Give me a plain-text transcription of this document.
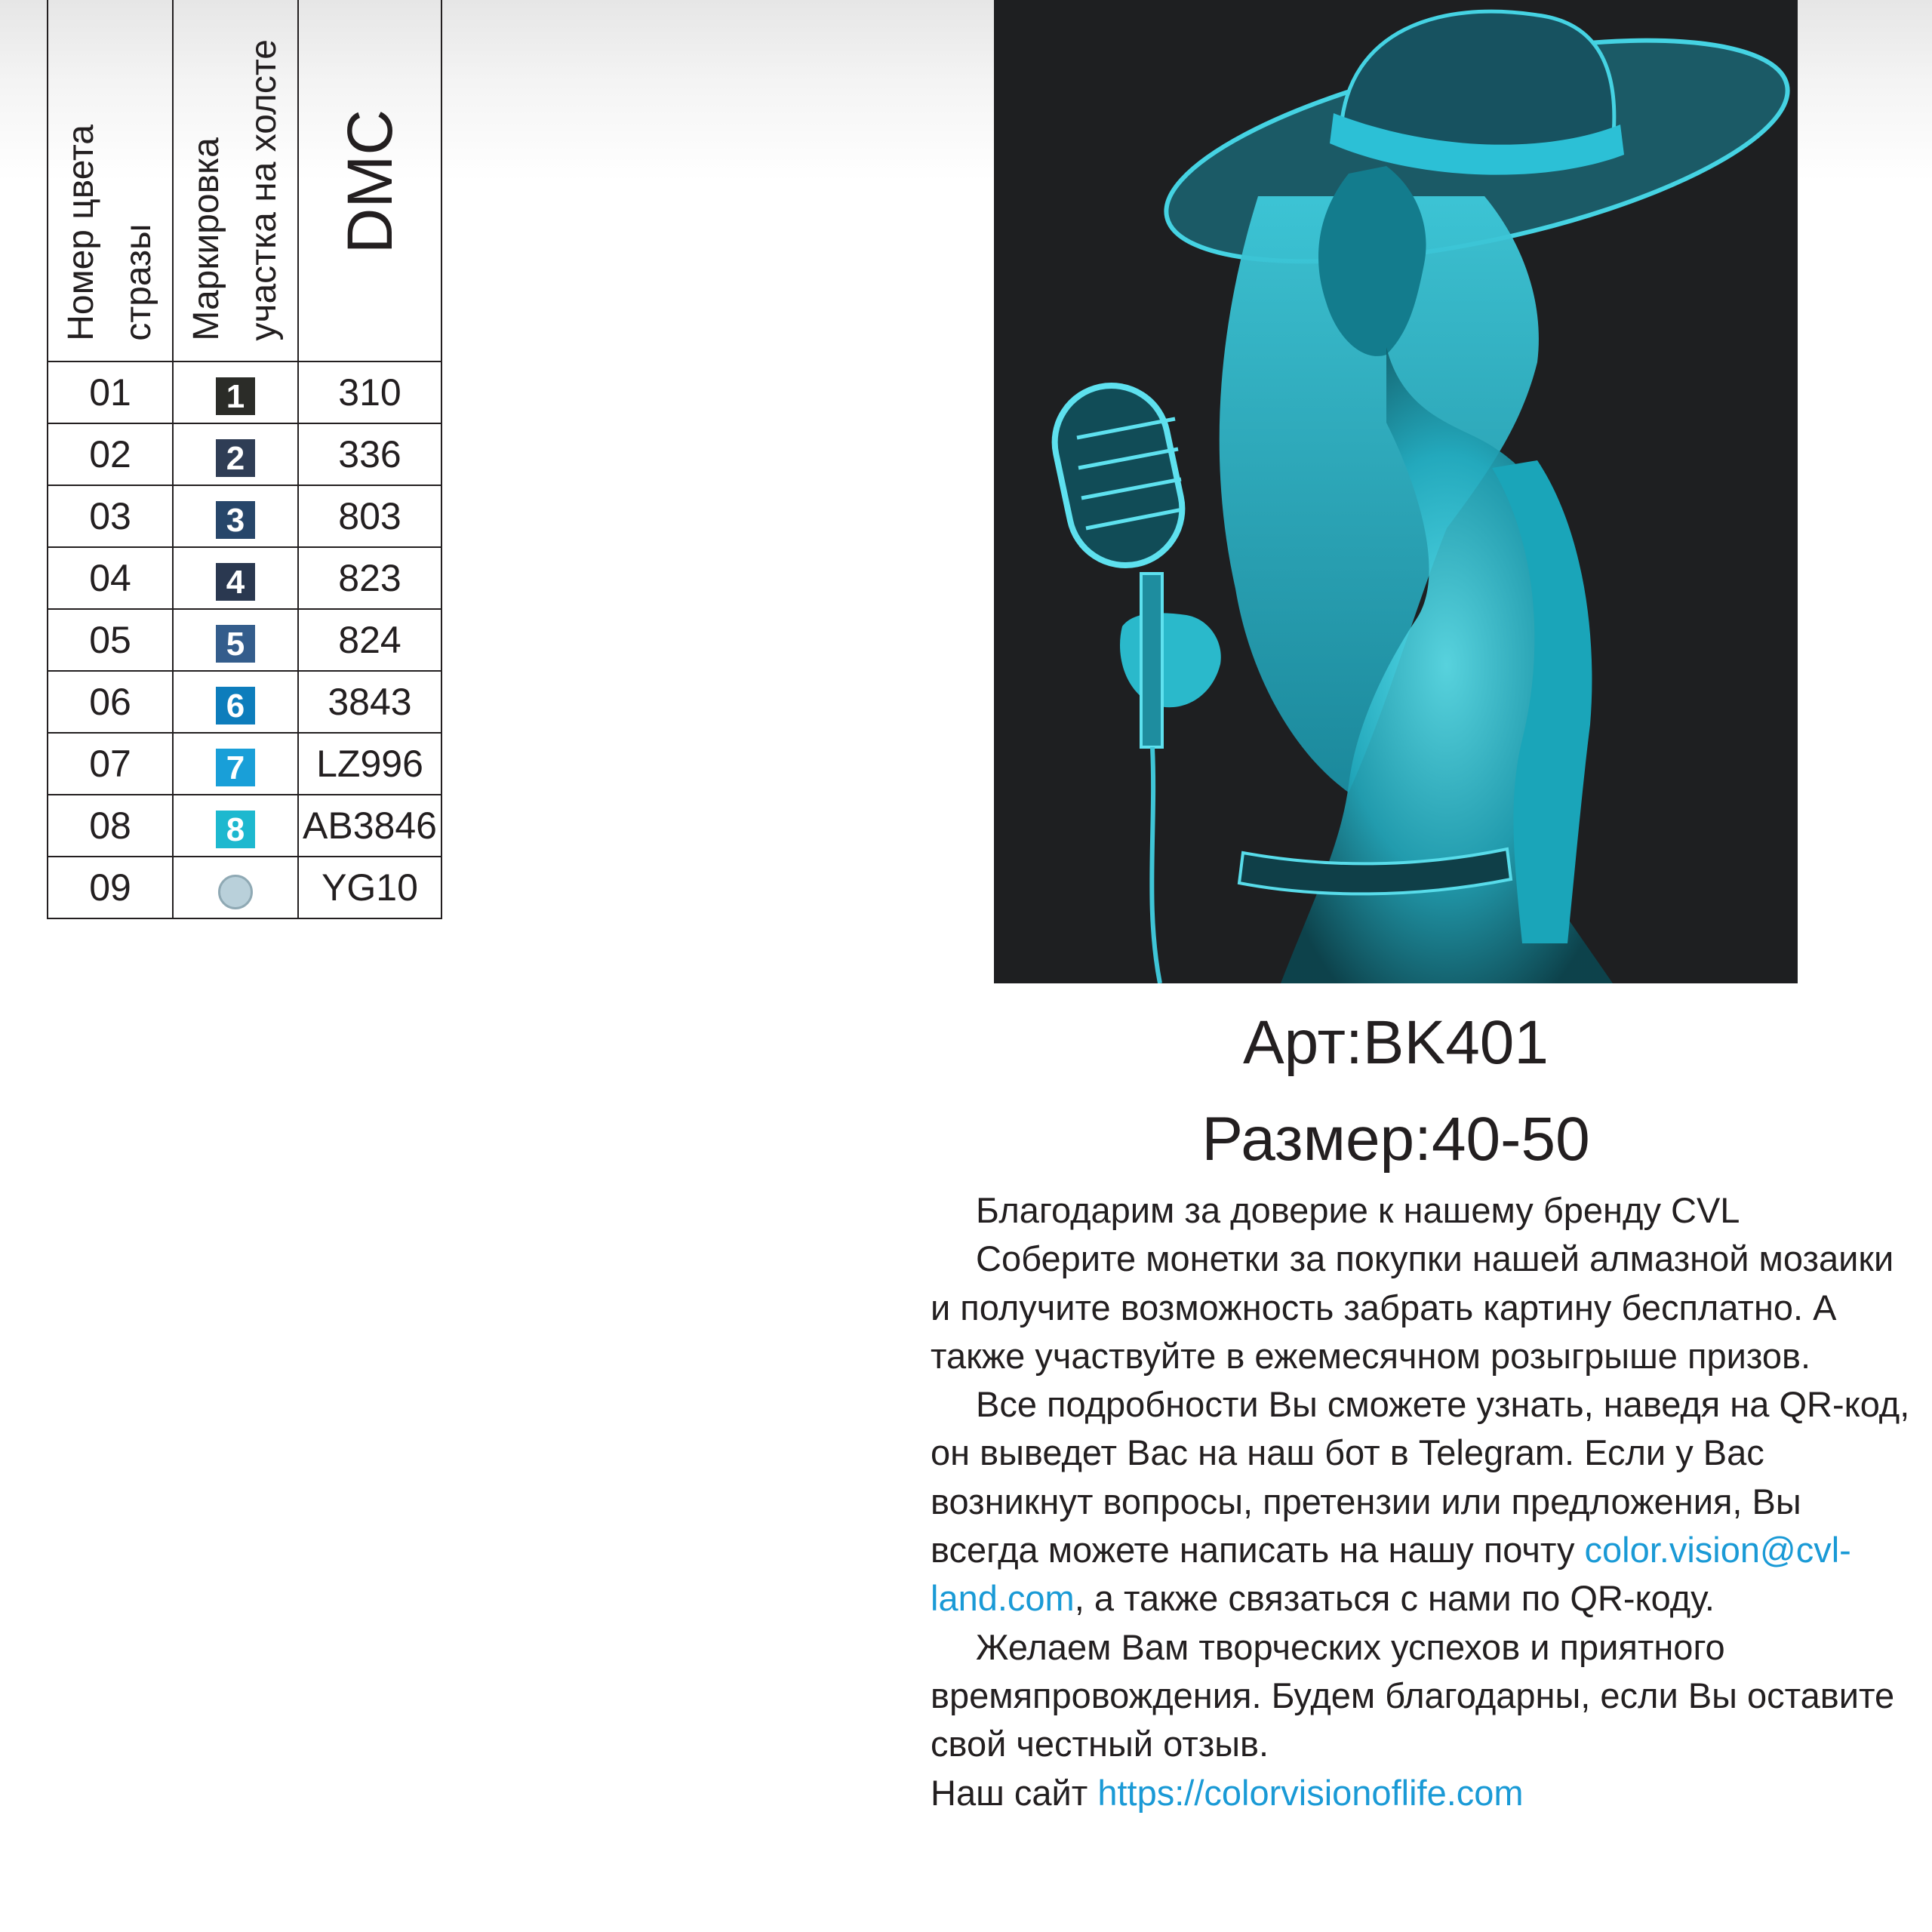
Номер цвета стразы	Маркировка участка на холсте	DMC
01	1	310
02	2	336
03	3	803
04	4	823
05	5	824
06	6	3843
07	7	LZ996
08	8	AB3846
09		YG10
Арт:BK401
Размер:40-50

Благодарим за доверие к нашему бренду CVL

Соберите монетки за покупки нашей алмазной мозаики и получите возможность забрать картину бесплатно. А также участвуйте в ежемесячном розыгрыше призов.

Все подробности Вы сможете узнать, наведя на QR-код, он выведет Вас на наш бот в Telegram. Если у Вас возникнут вопросы, претензии или предложения, Вы всегда можете написать на нашу почту color.vision@cvl-land.com, а также связаться с нами по QR-коду.

Желаем Вам творческих успехов и приятного времяпровождения. Будем благодарны, если Вы оставите свой честный отзыв.

Наш сайт https://colorvisionoflife.com
